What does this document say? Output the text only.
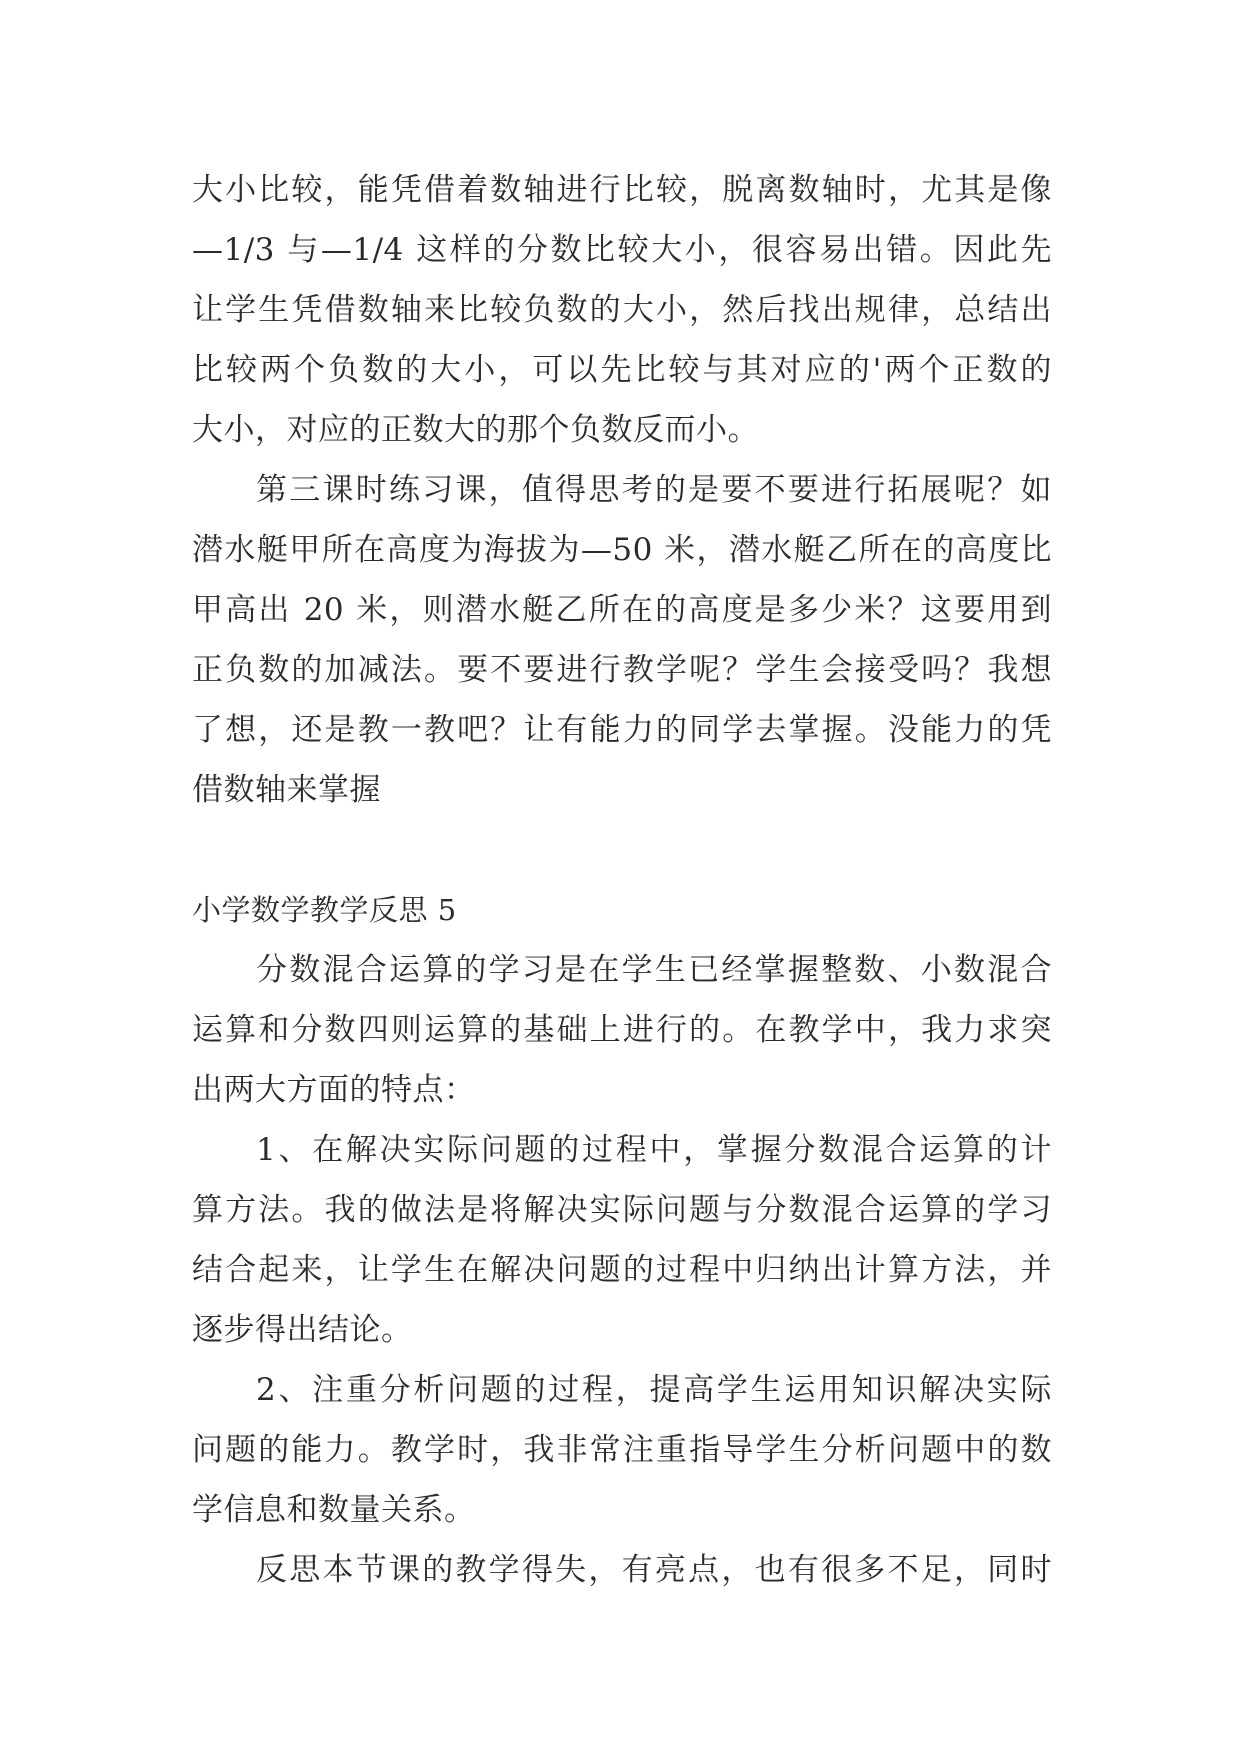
大小比较，能凭借着数轴进行比较，脱离数轴时，尤其是像
—1/3 与—1/4 这样的分数比较大小，很容易出错。因此先
让学生凭借数轴来比较负数的大小，然后找出规律，总结出
比较两个负数的大小，可以先比较与其对应的'两个正数的
大小，对应的正数大的那个负数反而小。
第三课时练习课，值得思考的是要不要进行拓展呢？如
潜水艇甲所在高度为海拔为—50 米，潜水艇乙所在的高度比
甲高出 20 米，则潜水艇乙所在的高度是多少米？这要用到
正负数的加减法。要不要进行教学呢？学生会接受吗？我想
了想，还是教一教吧？让有能力的同学去掌握。没能力的凭
借数轴来掌握
小学数学教学反思 5
分数混合运算的学习是在学生已经掌握整数、小数混合
运算和分数四则运算的基础上进行的。在教学中，我力求突
出两大方面的特点：
1、在解决实际问题的过程中，掌握分数混合运算的计
算方法。我的做法是将解决实际问题与分数混合运算的学习
结合起来，让学生在解决问题的过程中归纳出计算方法，并
逐步得出结论。
2、注重分析问题的过程，提高学生运用知识解决实际
问题的能力。教学时，我非常注重指导学生分析问题中的数
学信息和数量关系。
反思本节课的教学得失，有亮点，也有很多不足，同时
